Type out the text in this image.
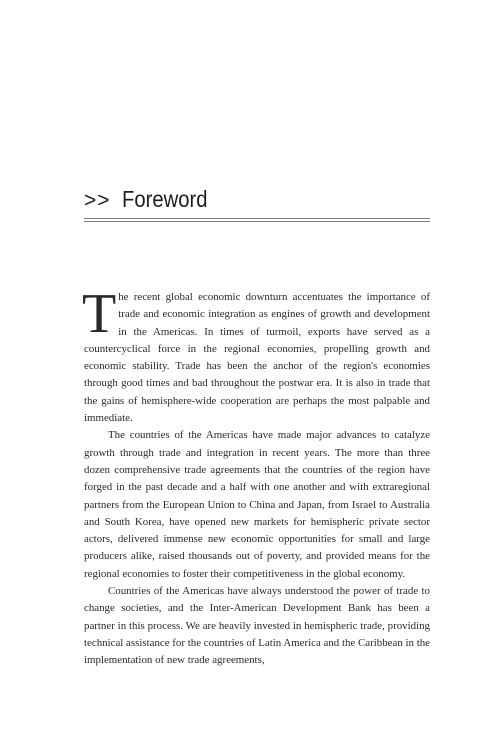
>> Foreword

The recent global economic downturn accentuates the importance of trade and economic integration as engines of growth and development in the Americas. In times of turmoil, exports have served as a countercyclical force in the regional economies, propelling growth and economic stability. Trade has been the anchor of the region's economies through good times and bad throughout the postwar era. It is also in trade that the gains of hemisphere-wide cooperation are perhaps the most palpable and immediate.

The countries of the Americas have made major advances to catalyze growth through trade and integration in recent years. The more than three dozen comprehensive trade agreements that the countries of the region have forged in the past decade and a half with one another and with extraregional partners from the European Union to China and Japan, from Israel to Australia and South Korea, have opened new markets for hemispheric private sector actors, delivered immense new economic opportunities for small and large producers alike, raised thousands out of poverty, and provided means for the regional economies to foster their competitiveness in the global economy.

Countries of the Americas have always understood the power of trade to change societies, and the Inter-American Development Bank has been a partner in this process. We are heavily invested in hemispheric trade, providing technical assistance for the countries of Latin America and the Caribbean in the implementation of new trade agreements,
